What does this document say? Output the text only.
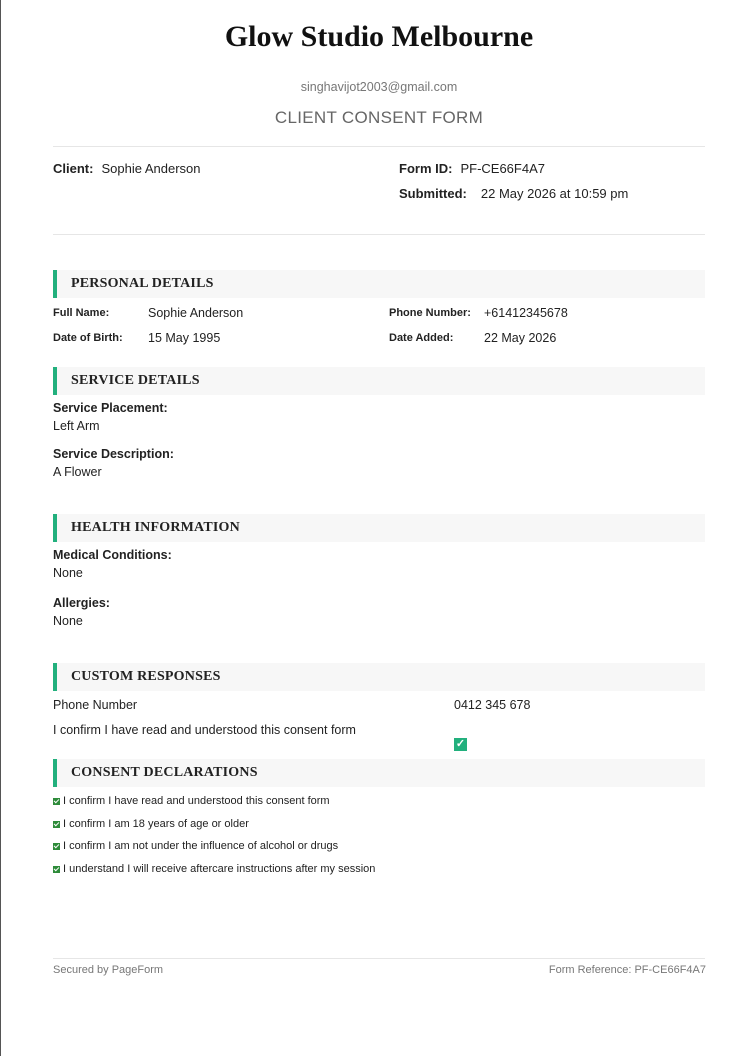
Glow Studio Melbourne
singhavijot2003@gmail.com
CLIENT CONSENT FORM
Client: Sophie Anderson	Form ID: PF-CE66F4A7
Submitted: 22 May 2026 at 10:59 pm
PERSONAL DETAILS
Full Name:	Sophie Anderson	Phone Number: +61412345678
Date of Birth: 15 May 1995	Date Added: 22 May 2026
SERVICE DETAILS
Service Placement:
Left Arm
Service Description:
A Flower
HEALTH INFORMATION
Medical Conditions:
None
Allergies:
None
CUSTOM RESPONSES
Phone Number	0412 345 678
I confirm I have read and understood this consent form
✓
CONSENT DECLARATIONS
I confirm I have read and understood this consent form
I confirm I am 18 years of age or older
I confirm I am not under the influence of alcohol or drugs
I understand I will receive aftercare instructions after my session
Secured by PageForm	Form Reference: PF-CE66F4A7
